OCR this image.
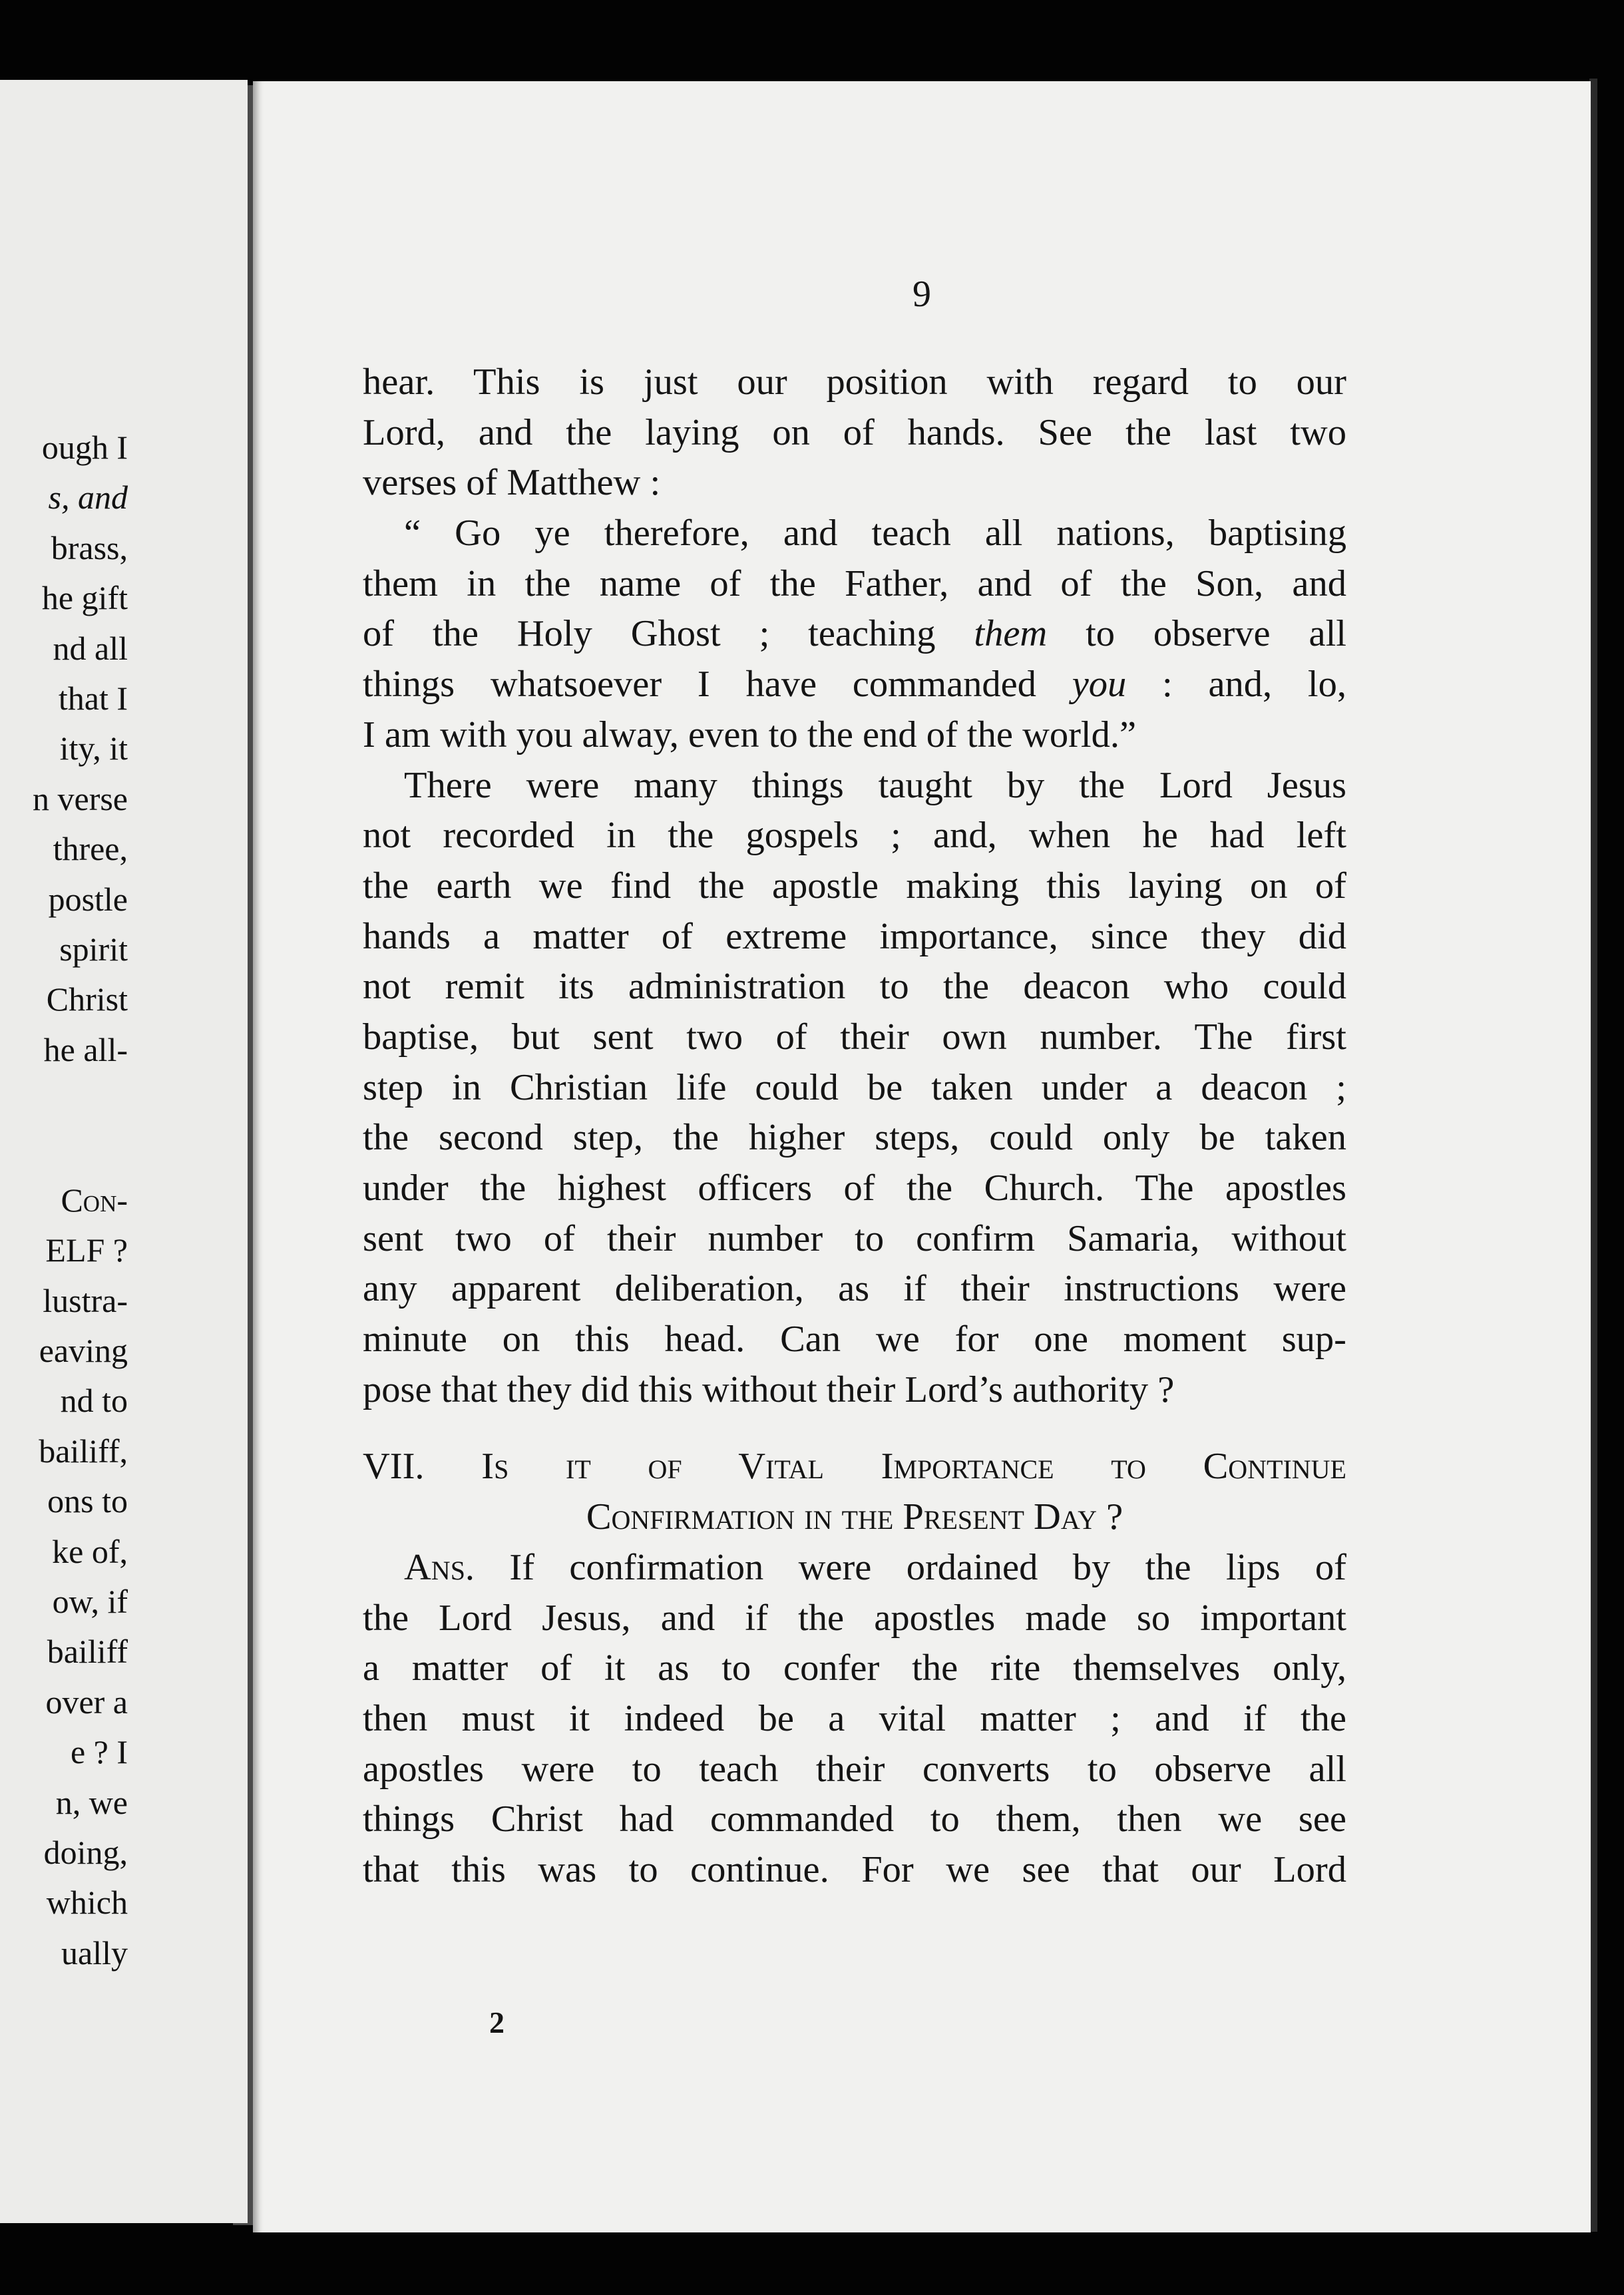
ough I
s, and
brass,
he gift
nd all
that I
ity, it
n verse
three,
postle
spirit
Christ
he all-
Con-
ELF ?
lustra-
eaving
nd to
bailiff,
ons to
ke of,
ow, if
bailiff
over a
e ? I
n, we
doing,
which
ually
9
hear. This is just our position with regard to our
Lord, and the laying on of hands. See the last two
verses of Matthew :
“ Go ye therefore, and teach all nations, baptising
them in the name of the Father, and of the Son, and
of the Holy Ghost ; teaching them to observe all
things whatsoever I have commanded you : and, lo,
I am with you alway, even to the end of the world.”
There were many things taught by the Lord Jesus
not recorded in the gospels ; and, when he had left
the earth we find the apostle making this laying on of
hands a matter of extreme importance, since they did
not remit its administration to the deacon who could
baptise, but sent two of their own number. The first
step in Christian life could be taken under a deacon ;
the second step, the higher steps, could only be taken
under the highest officers of the Church. The apostles
sent two of their number to confirm Samaria, without
any apparent deliberation, as if their instructions were
minute on this head. Can we for one moment sup-
pose that they did this without their Lord’s authority ?
VII. Is it of Vital Importance to Continue
Confirmation in the Present Day ?
Ans. If confirmation were ordained by the lips of
the Lord Jesus, and if the apostles made so important
a matter of it as to confer the rite themselves only,
then must it indeed be a vital matter ; and if the
apostles were to teach their converts to observe all
things Christ had commanded to them, then we see
that this was to continue. For we see that our Lord
2
